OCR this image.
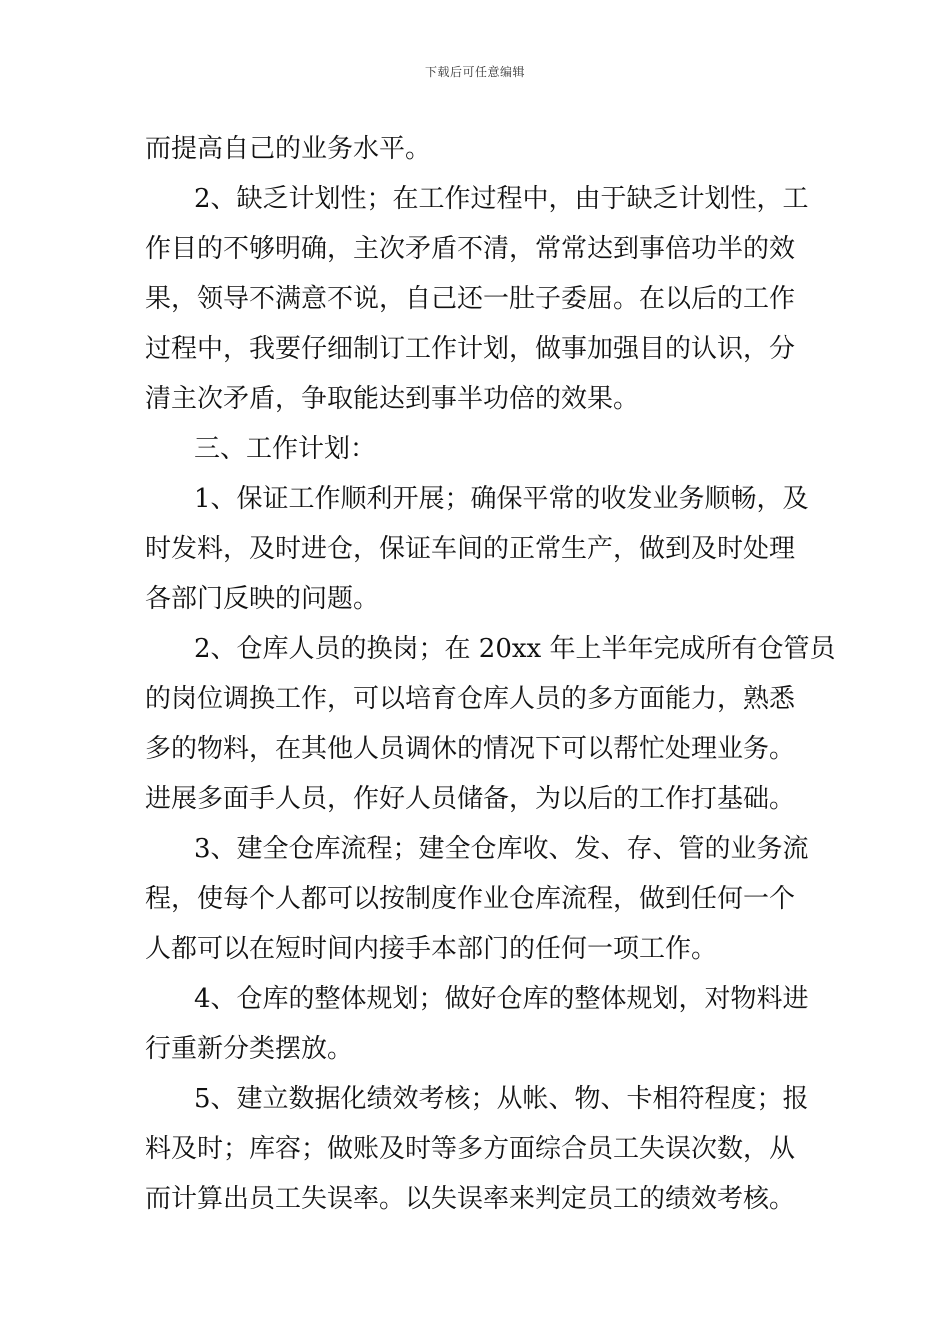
下载后可任意编辑
而提高自己的业务水平。
2、缺乏计划性；在工作过程中，由于缺乏计划性，工
作目的不够明确，主次矛盾不清，常常达到事倍功半的效
果，领导不满意不说，自己还一肚子委屈。在以后的工作
过程中，我要仔细制订工作计划，做事加强目的认识，分
清主次矛盾，争取能达到事半功倍的效果。
三、工作计划：
1、保证工作顺利开展；确保平常的收发业务顺畅，及
时发料，及时进仓，保证车间的正常生产，做到及时处理
各部门反映的问题。
2、仓库人员的换岗；在 20xx 年上半年完成所有仓管员
的岗位调换工作，可以培育仓库人员的多方面能力，熟悉
多的物料，在其他人员调休的情况下可以帮忙处理业务。
进展多面手人员，作好人员储备，为以后的工作打基础。
3、建全仓库流程；建全仓库收、发、存、管的业务流
程，使每个人都可以按制度作业仓库流程，做到任何一个
人都可以在短时间内接手本部门的任何一项工作。
4、仓库的整体规划；做好仓库的整体规划，对物料进
行重新分类摆放。
5、建立数据化绩效考核；从帐、物、卡相符程度；报
料及时；库容；做账及时等多方面综合员工失误次数，从
而计算出员工失误率。以失误率来判定员工的绩效考核。
